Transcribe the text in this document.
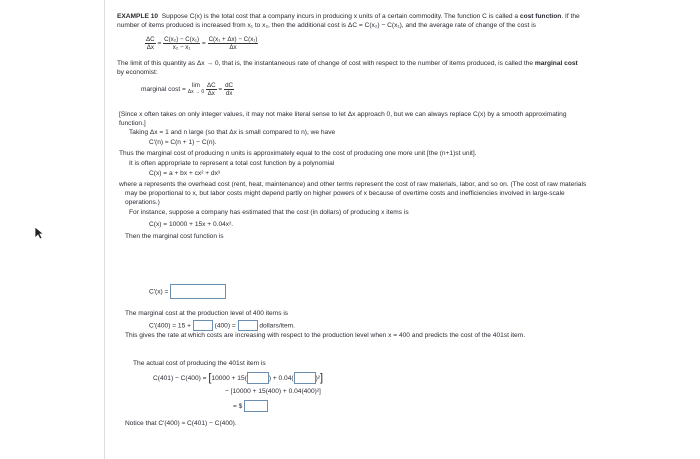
EXAMPLE 10 Suppose C(x) is the total cost that a company incurs in producing x units of a certain commodity. The function C is called a cost function. If the
number of items produced is increased from x₁ to x₂, then the additional cost is ΔC = C(x₂) − C(x₁), and the average rate of change of the cost is
$\frac{\Delta C}{\Delta x} = \frac{\text{C(x₂) − C(x₁)}}{\text{x₂ − x₁}} = \frac{\text{C(x₁ + Δx) − C(x₁)}}{\Delta x}$
The limit of this quantity as Δx → 0, that is, the instantaneous rate of change of cost with respect to the number of items produced, is called the marginal cost
by economist:
marginal cost =
lim
Δx → 0
$\frac{\Delta C}{\Delta x} = \frac{dC}{dx}$
[Since x often takes on only integer values, it may not make literal sense to let Δx approach 0, but we can always replace C(x) by a smooth approximating
function.]
Taking Δx = 1 and n large (so that Δx is small compared to n), we have
C′(n) ≈ C(n + 1) − C(n).
Thus the marginal cost of producing n units is approximately equal to the cost of producing one more unit [the (n+1)st unit].
It is often appropriate to represent a total cost function by a polynomial
C(x) = a + bx + cx² + dx³
where a represents the overhead cost (rent, heat, maintenance) and other terms represent the cost of raw materials, labor, and so on. (The cost of raw materials
may be proportional to x, but labor costs might depend partly on higher powers of x because of overtime costs and inefficiencies involved in large-scale
operations.)
For instance, suppose a company has estimated that the cost (in dollars) of producing x items is
C(x) = 10000 + 15x + 0.04x².
Then the marginal cost function is
C′(x) =
The marginal cost at the production level of 400 items is
C′(400) = 15 +	(400) =	dollars/item.
This gives the rate at which costs are increasing with respect to the production level when x = 400 and predicts the cost of the 401st item.
The actual cost of producing the 401st item is
C(401) − C(400) = [10000 + 15(	) + 0.04(	)²]
− [10000 + 15(400) + 0.04(400)²]
= $
Notice that C′(400) ≈ C(401) − C(400).
